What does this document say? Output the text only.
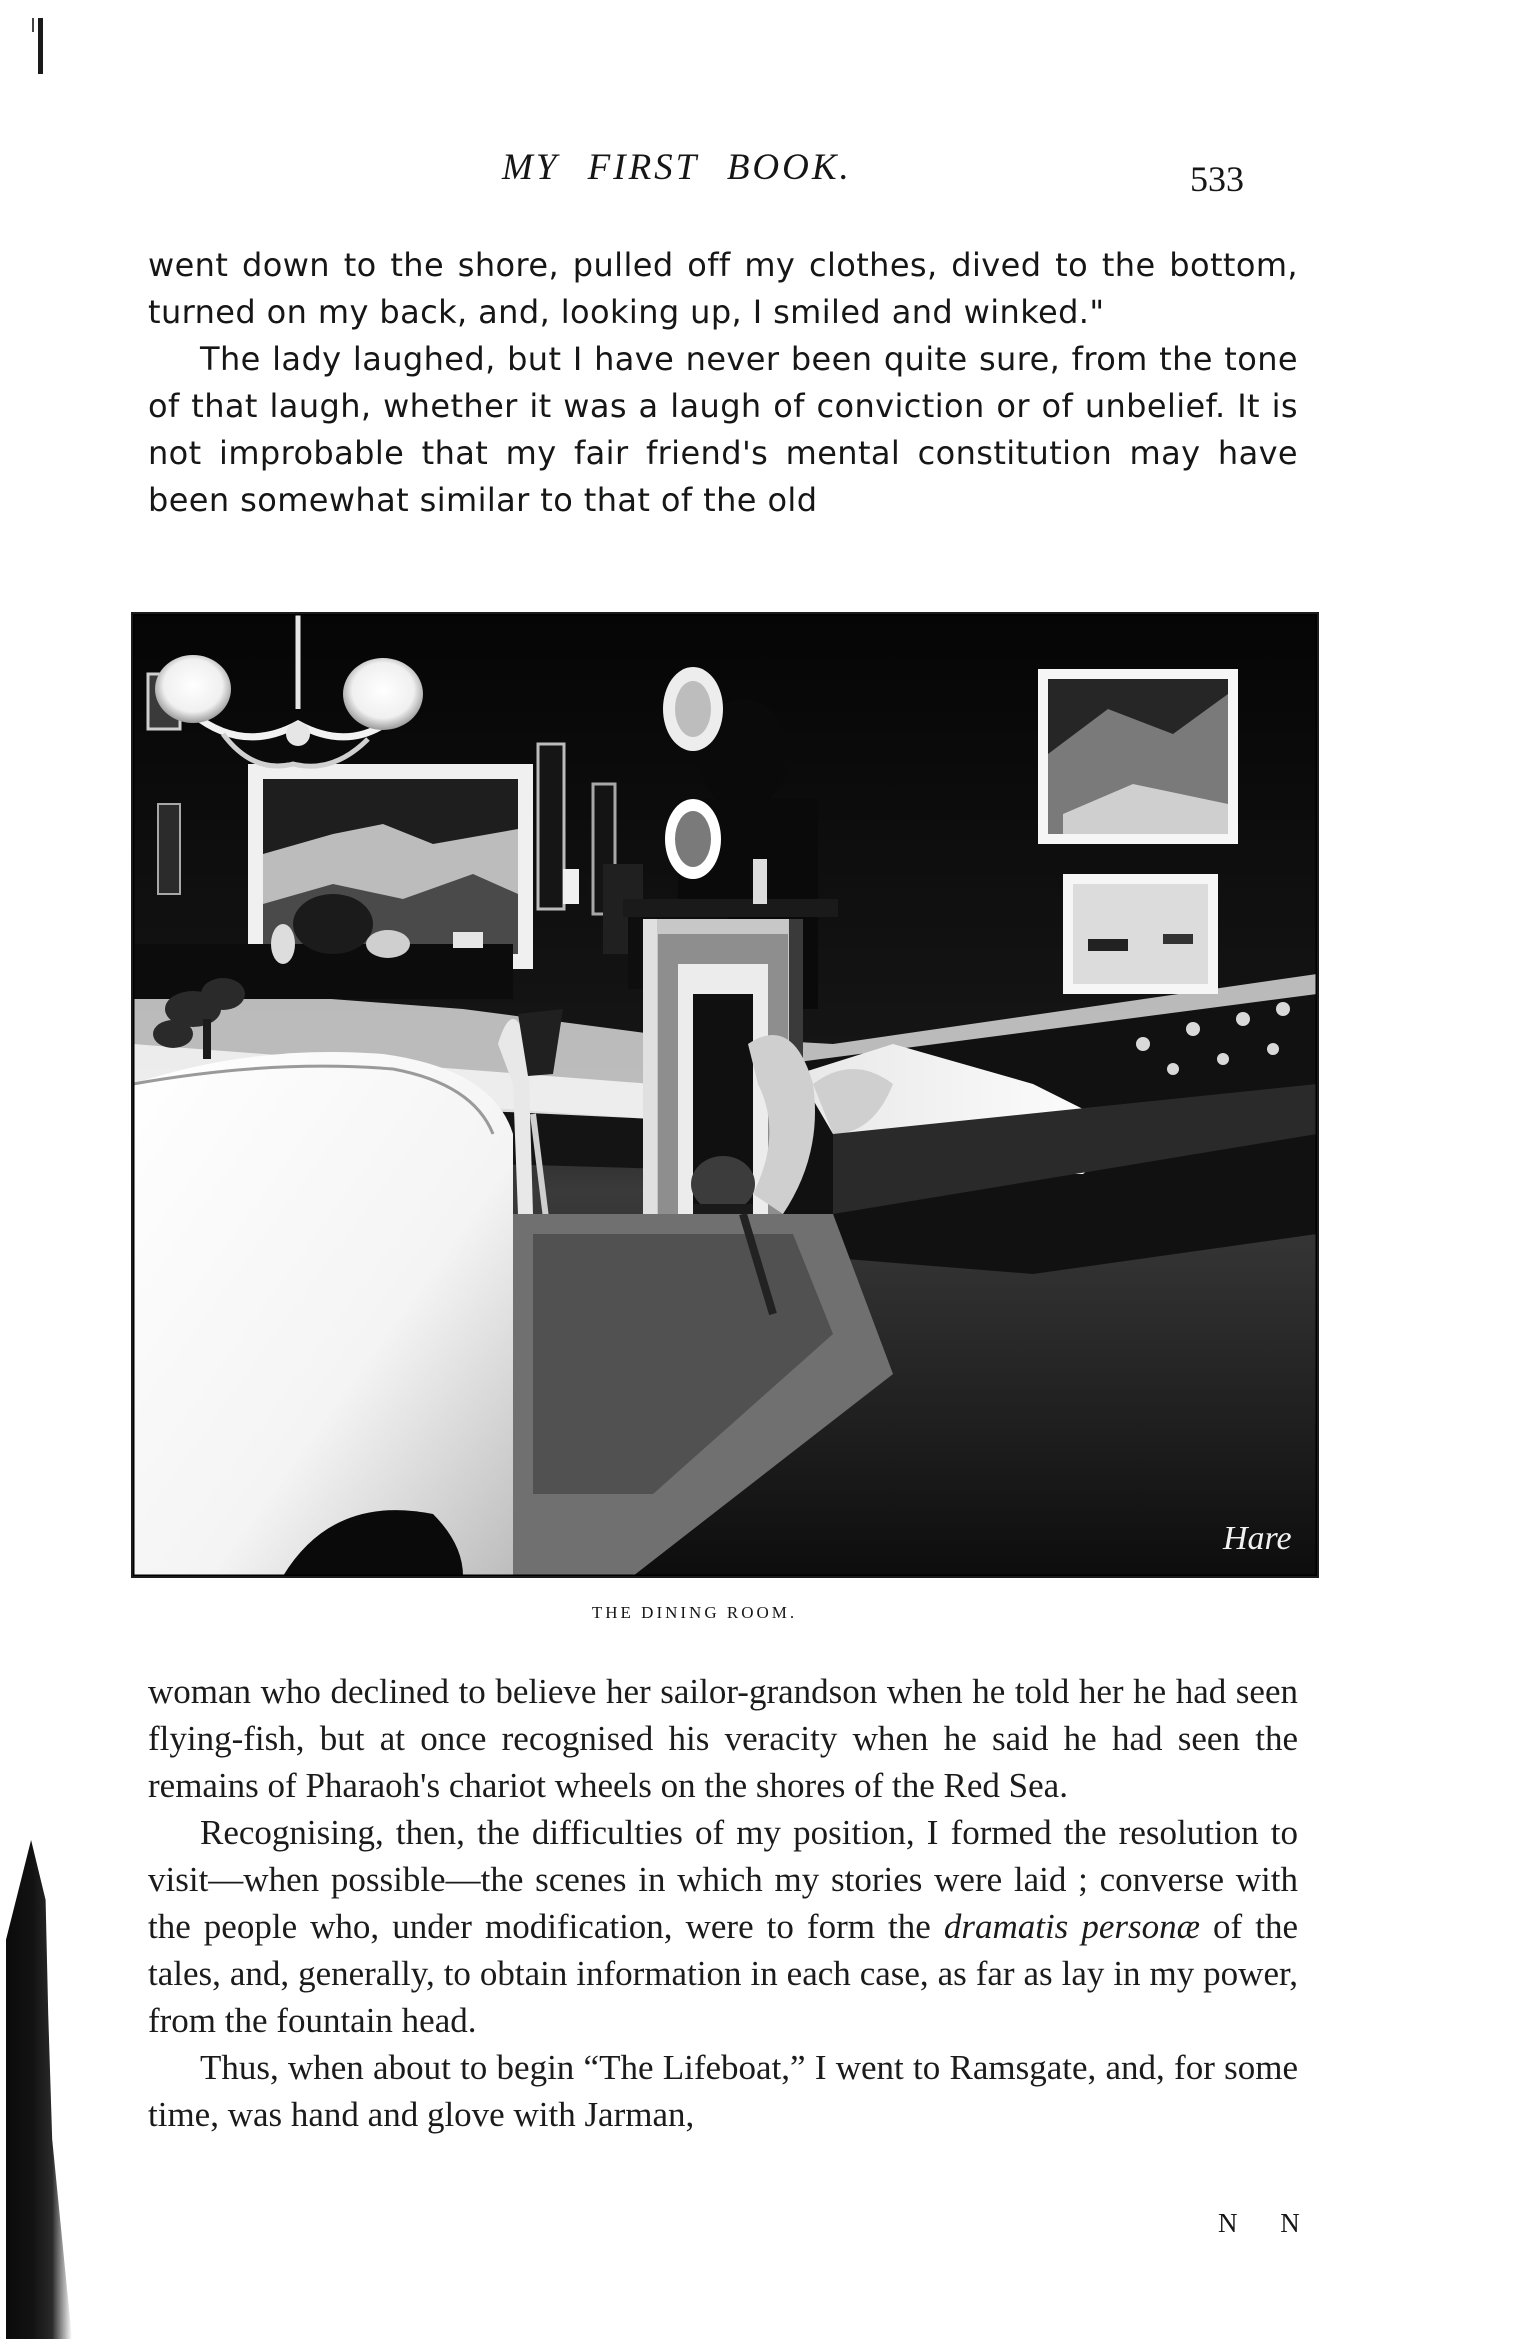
MY FIRST BOOK.	533

went down to the shore, pulled off my clothes, dived to the bottom, turned on my back, and, looking up, I smiled and winked."

The lady laughed, but I have never been quite sure, from the tone of that laugh, whether it was a laugh of conviction or of unbelief. It is not improbable that my fair friend's mental constitution may have been somewhat similar to that of the old

Hare
THE DINING ROOM.

woman who declined to believe her sailor-grandson when he told her he had seen flying-fish, but at once recognised his veracity when he said he had seen the remains of Pharaoh's chariot wheels on the shores of the Red Sea.

Recognising, then, the difficulties of my position, I formed the resolution to visit—when possible—the scenes in which my stories were laid ; converse with the people who, under modification, were to form the dramatis personæ of the tales, and, generally, to obtain information in each case, as far as lay in my power, from the fountain head.

Thus, when about to begin “The Lifeboat,” I went to Ramsgate, and, for some time, was hand and glove with Jarman,

N N
